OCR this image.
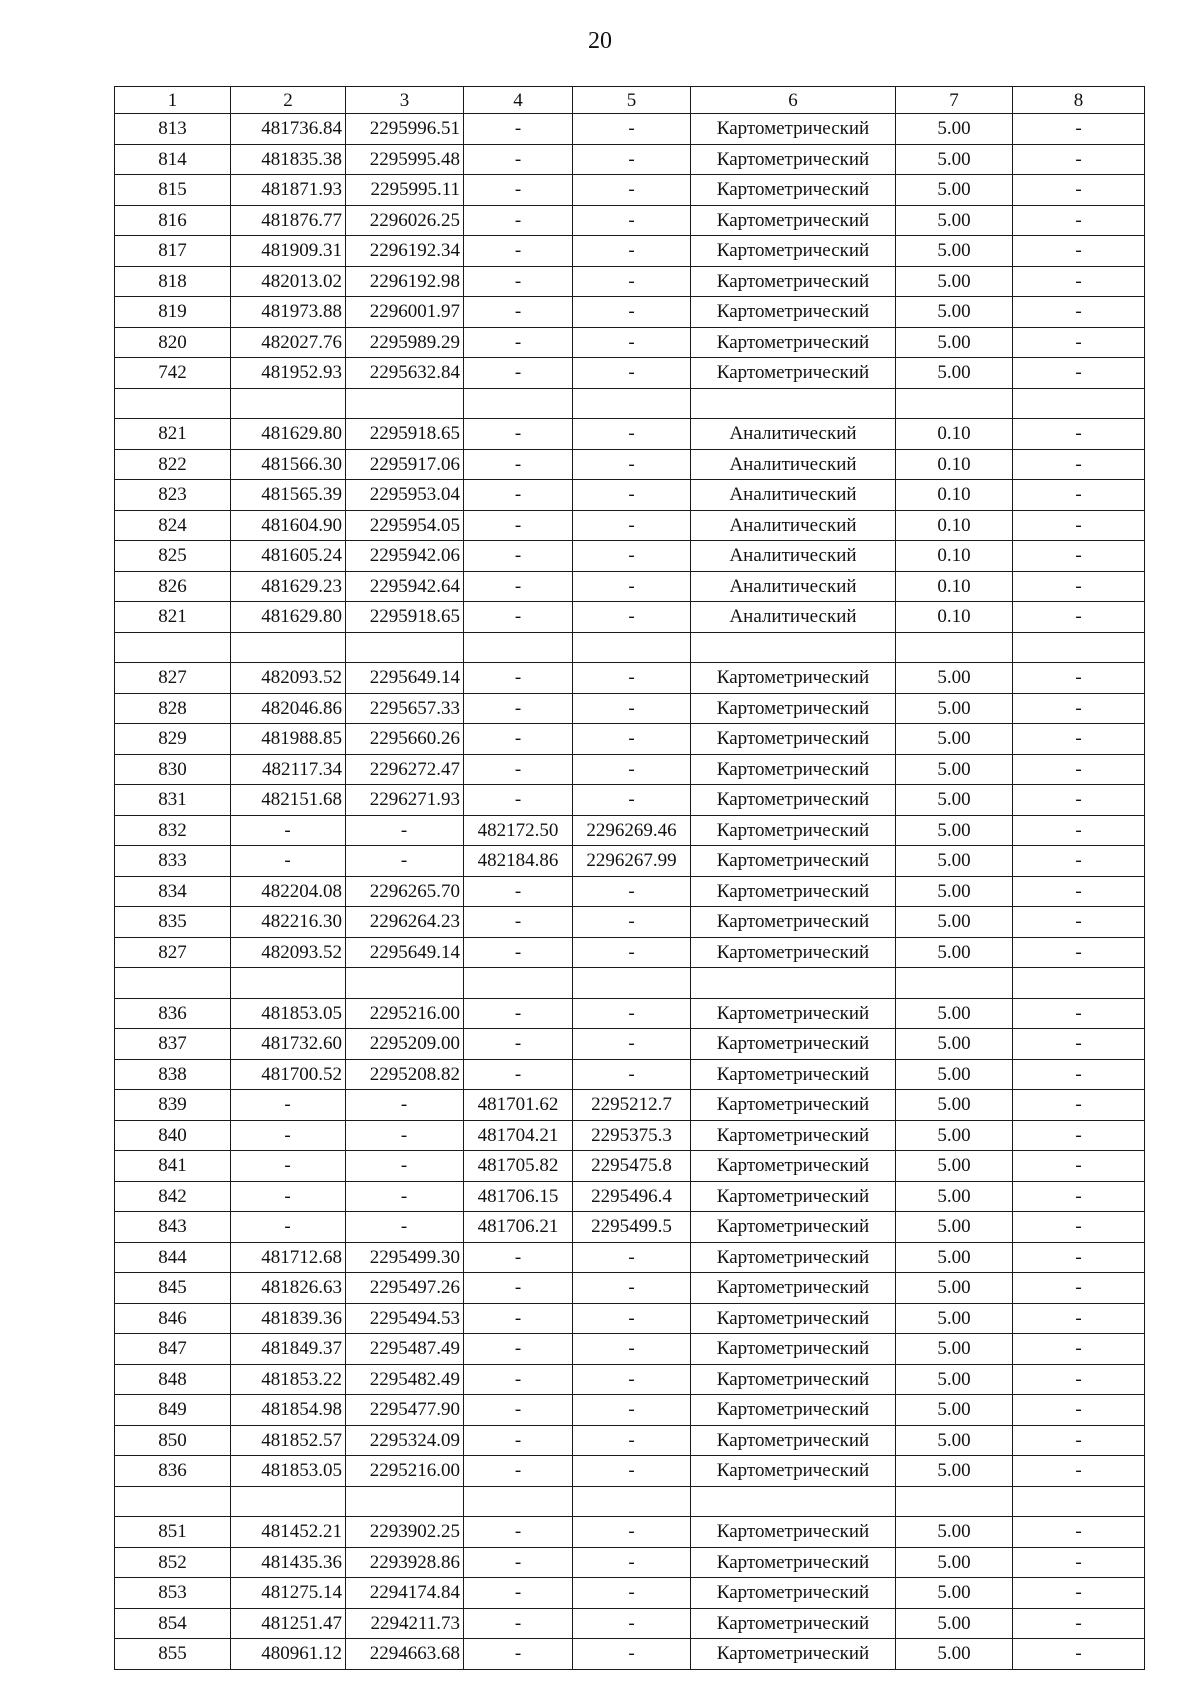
20
1	2	3	4	5	6	7	8
813	481736.84	2295996.51	-	-	Картометрический	5.00	-
814	481835.38	2295995.48	-	-	Картометрический	5.00	-
815	481871.93	2295995.11	-	-	Картометрический	5.00	-
816	481876.77	2296026.25	-	-	Картометрический	5.00	-
817	481909.31	2296192.34	-	-	Картометрический	5.00	-
818	482013.02	2296192.98	-	-	Картометрический	5.00	-
819	481973.88	2296001.97	-	-	Картометрический	5.00	-
820	482027.76	2295989.29	-	-	Картометрический	5.00	-
742	481952.93	2295632.84	-	-	Картометрический	5.00	-

821	481629.80	2295918.65	-	-	Аналитический	0.10	-
822	481566.30	2295917.06	-	-	Аналитический	0.10	-
823	481565.39	2295953.04	-	-	Аналитический	0.10	-
824	481604.90	2295954.05	-	-	Аналитический	0.10	-
825	481605.24	2295942.06	-	-	Аналитический	0.10	-
826	481629.23	2295942.64	-	-	Аналитический	0.10	-
821	481629.80	2295918.65	-	-	Аналитический	0.10	-

827	482093.52	2295649.14	-	-	Картометрический	5.00	-
828	482046.86	2295657.33	-	-	Картометрический	5.00	-
829	481988.85	2295660.26	-	-	Картометрический	5.00	-
830	482117.34	2296272.47	-	-	Картометрический	5.00	-
831	482151.68	2296271.93	-	-	Картометрический	5.00	-
832	-	-	482172.50	2296269.46	Картометрический	5.00	-
833	-	-	482184.86	2296267.99	Картометрический	5.00	-
834	482204.08	2296265.70	-	-	Картометрический	5.00	-
835	482216.30	2296264.23	-	-	Картометрический	5.00	-
827	482093.52	2295649.14	-	-	Картометрический	5.00	-

836	481853.05	2295216.00	-	-	Картометрический	5.00	-
837	481732.60	2295209.00	-	-	Картометрический	5.00	-
838	481700.52	2295208.82	-	-	Картометрический	5.00	-
839	-	-	481701.62	2295212.7	Картометрический	5.00	-
840	-	-	481704.21	2295375.3	Картометрический	5.00	-
841	-	-	481705.82	2295475.8	Картометрический	5.00	-
842	-	-	481706.15	2295496.4	Картометрический	5.00	-
843	-	-	481706.21	2295499.5	Картометрический	5.00	-
844	481712.68	2295499.30	-	-	Картометрический	5.00	-
845	481826.63	2295497.26	-	-	Картометрический	5.00	-
846	481839.36	2295494.53	-	-	Картометрический	5.00	-
847	481849.37	2295487.49	-	-	Картометрический	5.00	-
848	481853.22	2295482.49	-	-	Картометрический	5.00	-
849	481854.98	2295477.90	-	-	Картометрический	5.00	-
850	481852.57	2295324.09	-	-	Картометрический	5.00	-
836	481853.05	2295216.00	-	-	Картометрический	5.00	-

851	481452.21	2293902.25	-	-	Картометрический	5.00	-
852	481435.36	2293928.86	-	-	Картометрический	5.00	-
853	481275.14	2294174.84	-	-	Картометрический	5.00	-
854	481251.47	2294211.73	-	-	Картометрический	5.00	-
855	480961.12	2294663.68	-	-	Картометрический	5.00	-
